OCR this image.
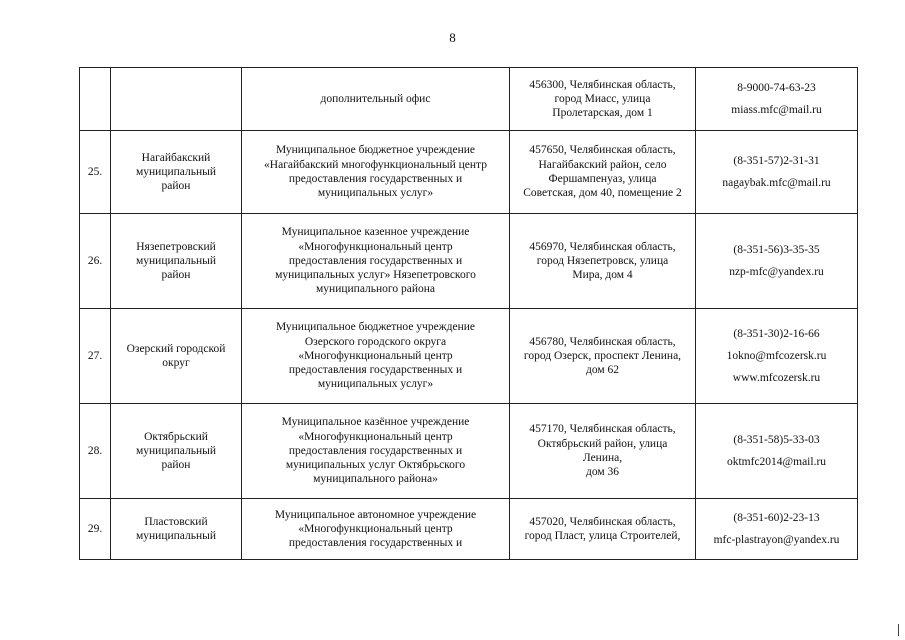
8

		дополнительный офис	456300, Челябинская область,
город Миасс, улица
Пролетарская, дом 1	8-9000-74-63-23
miass.mfc@mail.ru

25.	Нагайбакский
муниципальный
район	Муниципальное бюджетное учреждение
«Нагайбакский многофункциональный центр
предоставления государственных и
муниципальных услуг»	457650, Челябинская область,
Нагайбакский район, село
Фершампенуаз, улица
Советская, дом 40, помещение 2	(8-351-57)2-31-31
nagaybak.mfc@mail.ru

26.	Нязепетровский
муниципальный
район	Муниципальное казенное учреждение
«Многофункциональный центр
предоставления государственных и
муниципальных услуг» Нязепетровского
муниципального района	456970, Челябинская область,
город Нязепетровск, улица
Мира, дом 4	(8-351-56)3-35-35
nzp-mfc@yandex.ru

27.	Озерский городской
округ	Муниципальное бюджетное учреждение
Озерского городского округа
«Многофункциональный центр
предоставления государственных и
муниципальных услуг»	456780, Челябинская область,
город Озерск, проспект Ленина,
дом 62	(8-351-30)2-16-66
1okno@mfcozersk.ru
www.mfcozersk.ru

28.	Октябрьский
муниципальный
район	Муниципальное казённое учреждение
«Многофункциональный центр
предоставления государственных и
муниципальных услуг Октябрьского
муниципального района»	457170, Челябинская область,
Октябрьский район, улица
Ленина,
дом 36	(8-351-58)5-33-03
oktmfc2014@mail.ru

29.	Пластовский
муниципальный	Муниципальное автономное учреждение
«Многофункциональный центр
предоставления государственных и	457020, Челябинская область,
город Пласт, улица Строителей,	(8-351-60)2-23-13
mfc-plastrayon@yandex.ru
